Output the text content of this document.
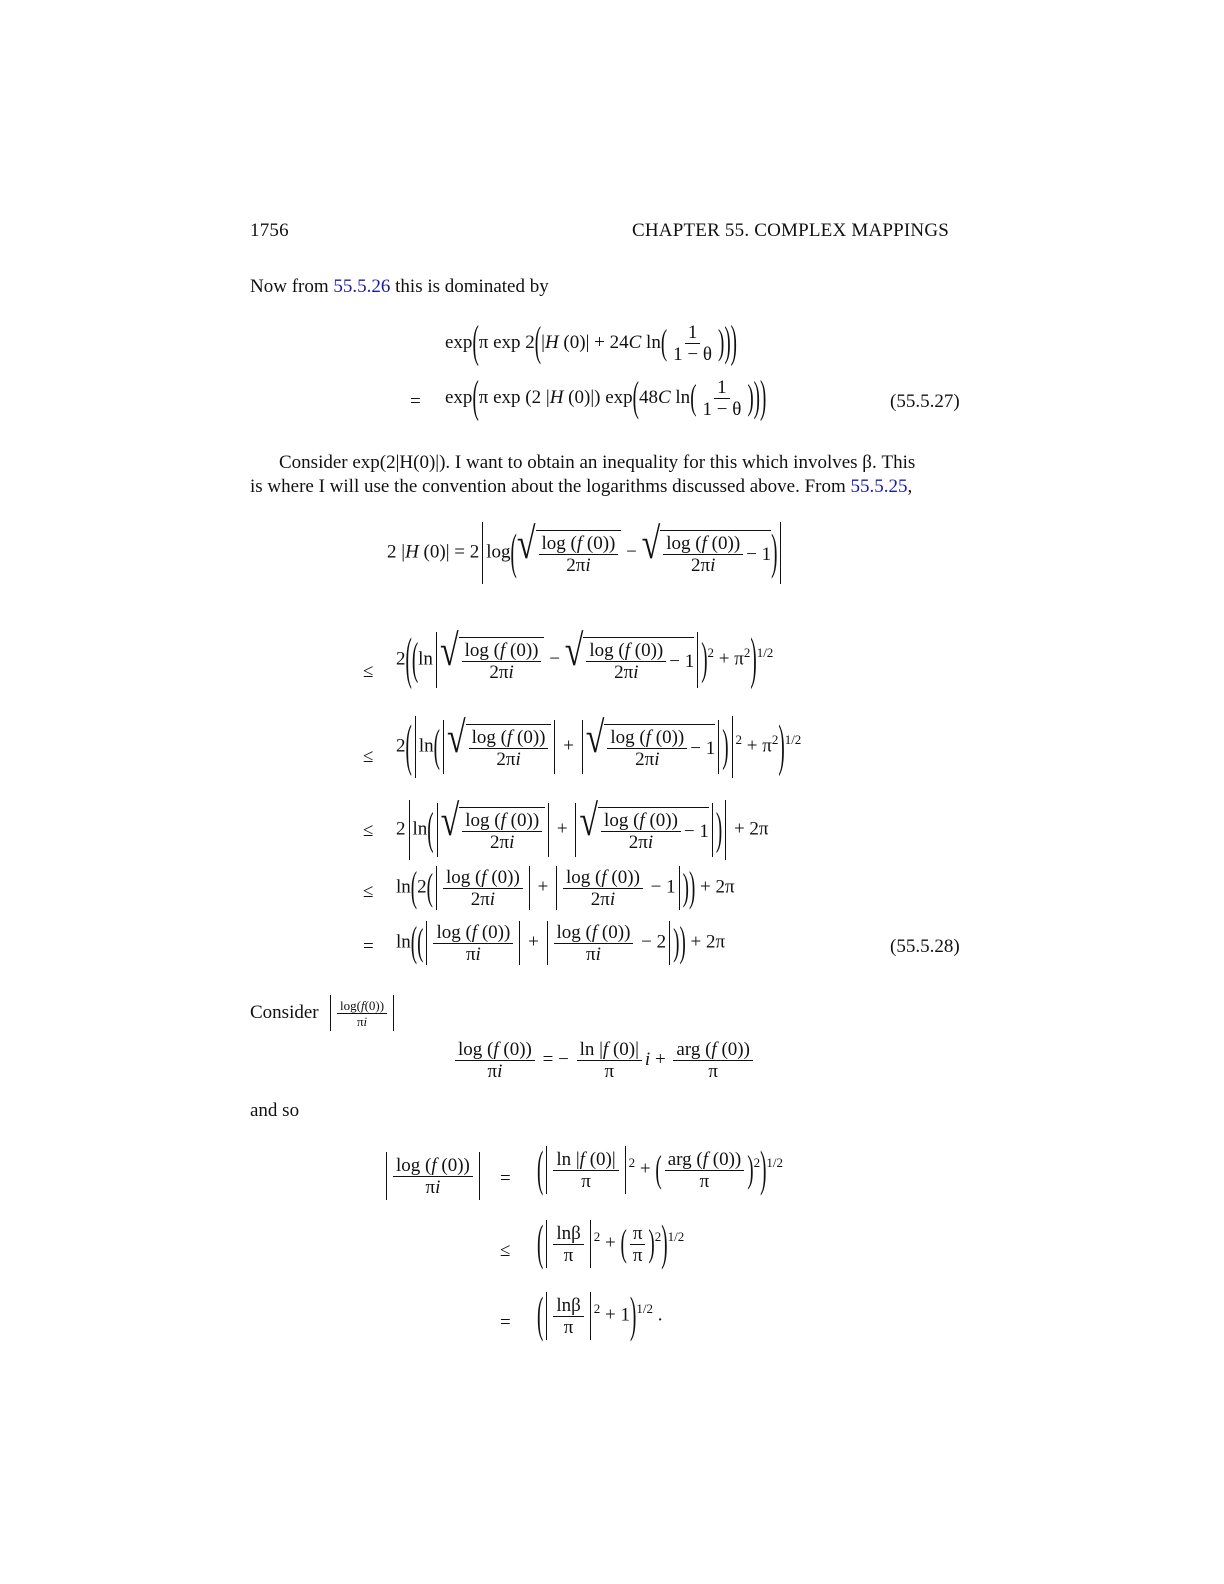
1756	CHAPTER 55. COMPLEX MAPPINGS
Now from 55.5.26 this is dominated by
exp(π exp 2(|H (0)| + 24C $\ln( \frac{1}{1 - \theta}$ )))
= exp(π exp (2 |H (0)|) exp(48C $\ln( \frac{1}{1 - \theta}$ )))	(55.5.27)
Consider exp(2|H(0)|). I want to obtain an inequality for this which involves β. This
is where I will use the convention about the logarithms discussed above. From 55.5.25,
2 |H (0)| = 2 log( √ $\frac{\log (f (0))}{2\pi i}$ − √ $\frac{\log (f (0))}{2\pi i} - 1$ )
≤
2((ln √ $\frac{\log (f (0))}{2\pi i}$ − √ $\frac{\log (f (0))}{2\pi i} - 1$ )$^2 + \pi^2)^{1/2}$
≤
2( ln( √ $\frac{\log (f (0))}{2\pi i}$ + √ $\frac{\log (f (0))}{2\pi i} - 1$ ) $^2 + \pi^2)^{1/2}$
≤ 2 ln( √ $\frac{\log (f (0))}{2\pi i}$ + √ $\frac{\log (f (0))}{2\pi i} - 1$ ) + 2π
≤ $\ln(2( \frac{\log (f (0))}{2\pi i} + \frac{\log (f (0))}{2\pi i} - 1$ )) + 2π
= $\ln(( \frac{\log (f (0))}{\pi i} + \frac{\log (f (0))}{\pi i} - 2$ )) + 2π	(55.5.28)
Consider $\frac{\log(f(0))}{\pi i}$
$\frac{\log (f (0))}{\pi i}$ = − $\frac{\ln |f (0)|}{\pi}$ $i + \frac{\text{arg (f (0))}}{\pi}$
and so
$\frac{\log (f (0))}{\pi i}$ = ( $\frac{\ln |f (0)|}{\pi} ^2$ + ( $\frac{\text{arg (f (0))}}{\pi} )^2)^{1/2}$
≤ ( $\frac{\ln\beta}{\pi} ^2$ + ( $\frac{\pi}{\pi} )^2)^{1/2}$
= ( $\frac{\ln\beta}{\pi} ^2 + 1)^{1/2}$ .
